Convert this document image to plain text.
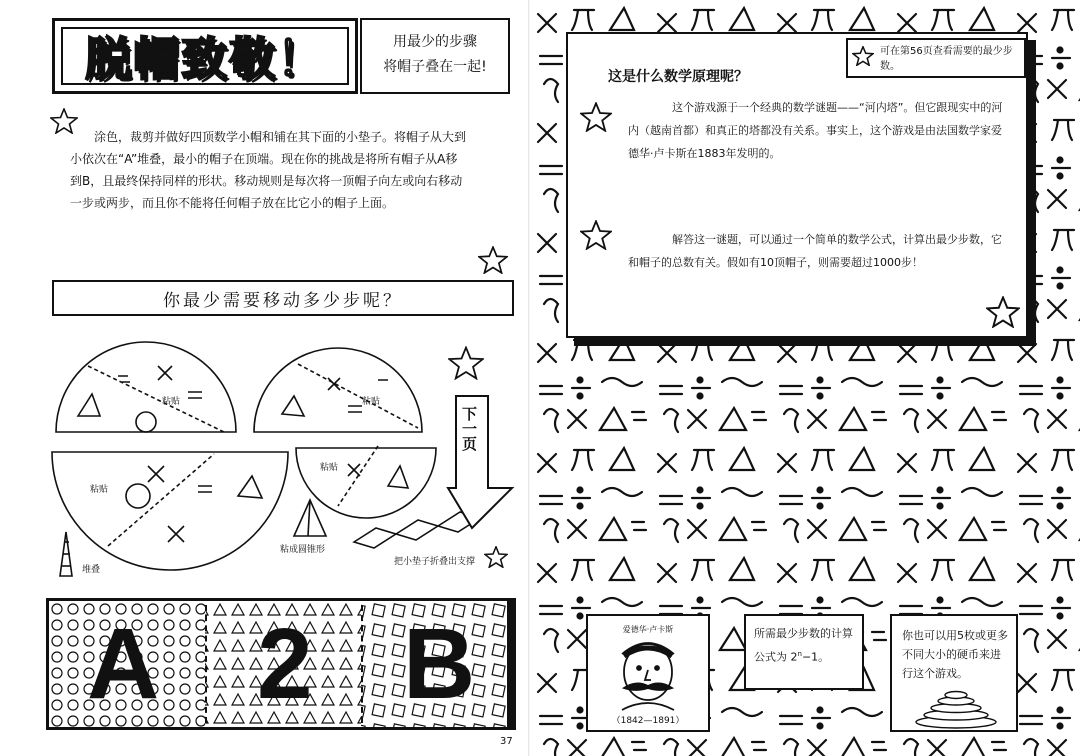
脱帽致敬！	用最少的步骤
将帽子叠在一起!

涂色，裁剪并做好四顶数学小帽和铺在其下面的小垫子。将帽子从大到小依次在“A”堆叠，最小的帽子在顶端。现在你的挑战是将所有帽子从A移到B，且最终保持同样的形状。移动规则是每次将一顶帽子向左或向右移动一步或两步，而且你不能将任何帽子放在比它小的帽子上面。

你最少需要移动多少步呢？
粘贴	粘贴
粘贴
粘贴
粘成圆锥形
把小垫子折叠出支撑
堆叠
下一页
A 2 B
37
这是什么数学原理呢？
可在第56页查看需要的最少步数。

这个游戏源于一个经典的数学谜题——“河内塔”。但它跟现实中的河内（越南首都）和真正的塔都没有关系。事实上，这个游戏是由法国数学家爱德华·卢卡斯在1883年发明的。

解答这一谜题，可以通过一个简单的数学公式，计算出最少步数，它和帽子的总数有关。假如有10顶帽子，则需要超过1000步！

爱德华·卢卡斯
（1842—1891）
所需最少步数的计算公式为 $2^n-1$。
你也可以用5枚或更多不同大小的硬币来进行这个游戏。
